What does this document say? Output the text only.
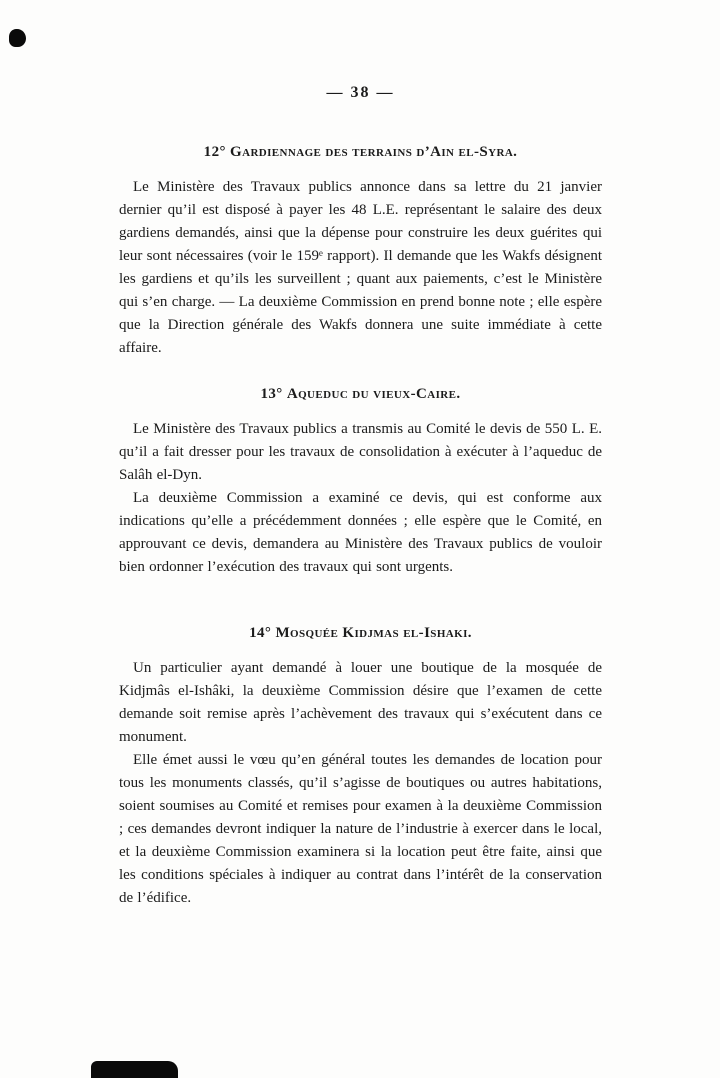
— 38 —
12° Gardiennage des terrains d’Ain el-Syra.

Le Ministère des Travaux publics annonce dans sa lettre du 21 janvier dernier qu’il est disposé à payer les 48 L.E. représentant le salaire des deux gardiens demandés, ainsi que la dépense pour construire les deux guérites qui leur sont nécessaires (voir le 159ᵉ rapport). Il demande que les Wakfs désignent les gardiens et qu’ils les surveillent ; quant aux paiements, c’est le Ministère qui s’en charge. — La deuxième Commission en prend bonne note ; elle espère que la Direction générale des Wakfs donnera une suite immédiate à cette affaire.

13° Aqueduc du vieux-Caire.

Le Ministère des Travaux publics a transmis au Comité le devis de 550 L. E. qu’il a fait dresser pour les travaux de consolidation à exécuter à l’aqueduc de Salâh el-Dyn.

La deuxième Commission a examiné ce devis, qui est conforme aux indications qu’elle a précédemment données ; elle espère que le Comité, en approuvant ce devis, demandera au Ministère des Travaux publics de vouloir bien ordonner l’exécution des travaux qui sont urgents.

14° Mosquée Kidjmas el-Ishaki.

Un particulier ayant demandé à louer une boutique de la mosquée de Kidjmâs el-Ishâki, la deuxième Commission désire que l’examen de cette demande soit remise après l’achèvement des travaux qui s’exécutent dans ce monument.

Elle émet aussi le vœu qu’en général toutes les demandes de location pour tous les monuments classés, qu’il s’agisse de boutiques ou autres habitations, soient soumises au Comité et remises pour examen à la deuxième Commission ; ces demandes devront indiquer la nature de l’industrie à exercer dans le local, et la deuxième Commission examinera si la location peut être faite, ainsi que les conditions spéciales à indiquer au contrat dans l’intérêt de la conservation de l’édifice.
